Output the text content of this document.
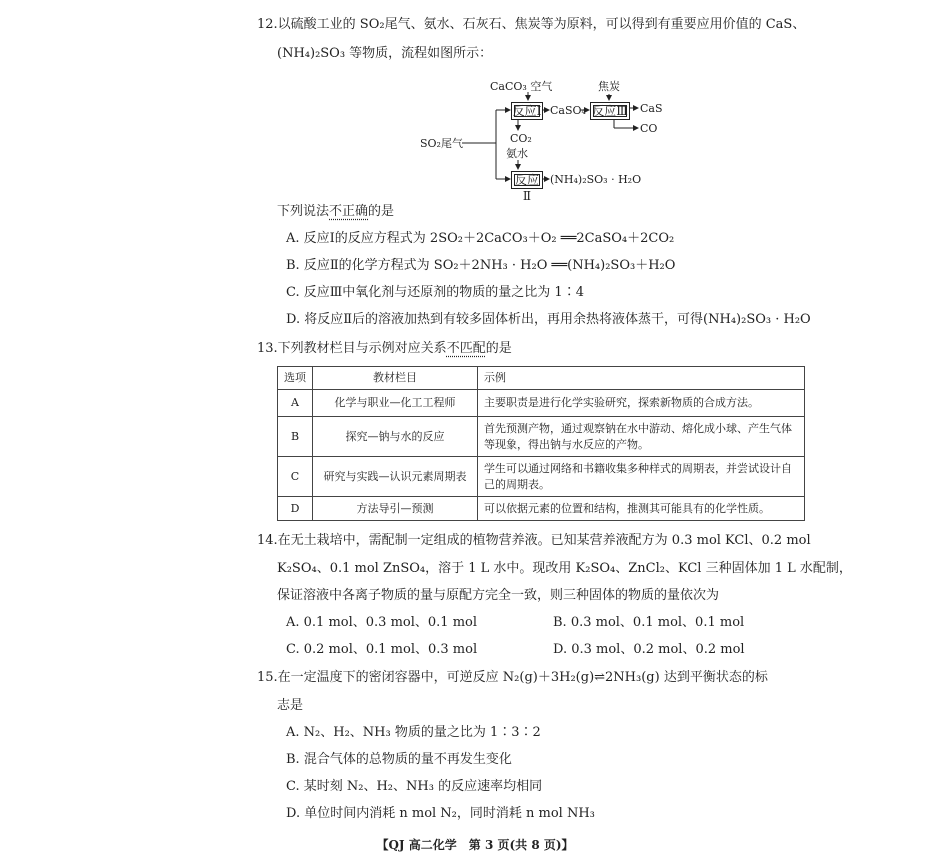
12.以硫酸工业的 SO₂尾气、氨水、石灰石、焦炭等为原料，可以得到有重要应用价值的 CaS、
(NH₄)₂SO₃ 等物质，流程如图所示：
CaCO₃ 空气	焦炭
SO₂尾气
反应Ⅰ CaSO₄ 反应Ⅲ CaS
CO
CO₂
氨水
反应Ⅱ
(NH₄)₂SO₃ · H₂O
下列说法不正确的是
A. 反应Ⅰ的反应方程式为 2SO₂＋2CaCO₃＋O₂ ══2CaSO₄＋2CO₂
B. 反应Ⅱ的化学方程式为 SO₂＋2NH₃ · H₂O ══(NH₄)₂SO₃＋H₂O
C. 反应Ⅲ中氧化剂与还原剂的物质的量之比为 1∶4
D. 将反应Ⅱ后的溶液加热到有较多固体析出，再用余热将液体蒸干，可得(NH₄)₂SO₃ · H₂O
13.下列教材栏目与示例对应关系不匹配的是
选项	教材栏目	示例
A	化学与职业—化工工程师	主要职责是进行化学实验研究，探索新物质的合成方法。
B	探究—钠与水的反应	首先预测产物，通过观察钠在水中游动、熔化成小球、产生气体等现象，得出钠与水反应的产物。
C	研究与实践—认识元素周期表	学生可以通过网络和书籍收集多种样式的周期表，并尝试设计自己的周期表。
D	方法导引—预测	可以依据元素的位置和结构，推测其可能具有的化学性质。
14.在无土栽培中，需配制一定组成的植物营养液。已知某营养液配方为 0.3 mol KCl、0.2 mol
K₂SO₄、0.1 mol ZnSO₄，溶于 1 L 水中。现改用 K₂SO₄、ZnCl₂、KCl 三种固体加 1 L 水配制，
保证溶液中各离子物质的量与原配方完全一致，则三种固体的物质的量依次为
A. 0.1 mol、0.3 mol、0.1 mol	B. 0.3 mol、0.1 mol、0.1 mol
C. 0.2 mol、0.1 mol、0.3 mol	D. 0.3 mol、0.2 mol、0.2 mol
15.在一定温度下的密闭容器中，可逆反应 N₂(g)＋3H₂(g)⇌2NH₃(g) 达到平衡状态的标
志是
A. N₂、H₂、NH₃ 物质的量之比为 1∶3∶2
B. 混合气体的总物质的量不再发生变化
C. 某时刻 N₂、H₂、NH₃ 的反应速率均相同
D. 单位时间内消耗 n mol N₂，同时消耗 n mol NH₃
【QJ 高二化学　第 3 页(共 8 页)】
